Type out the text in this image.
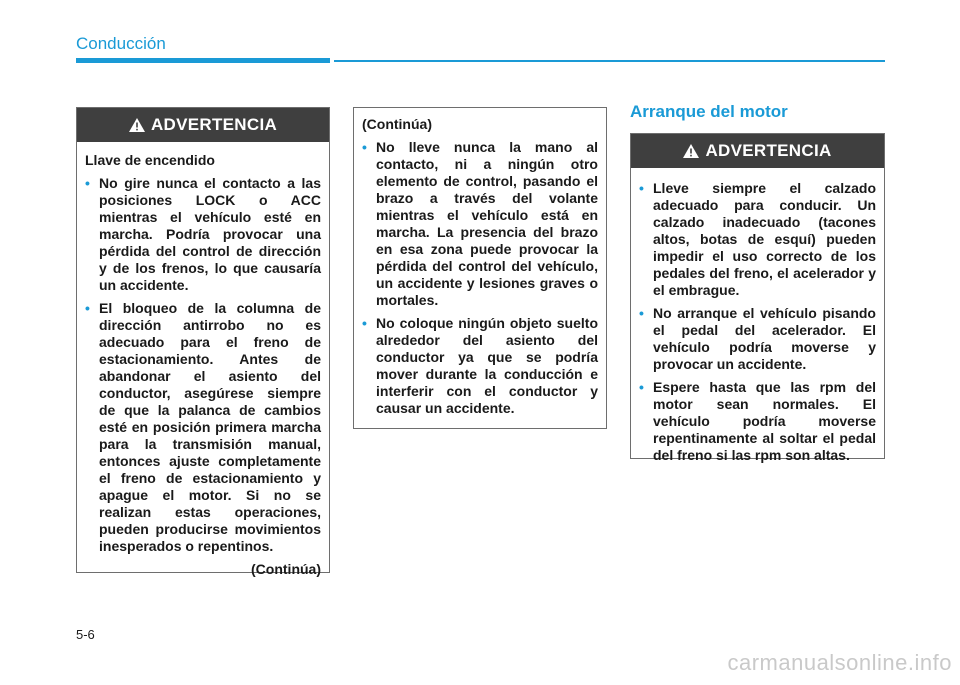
Conducción
ADVERTENCIA

Llave de encendido

• No gire nunca el contacto a las posiciones LOCK o ACC mientras el vehículo esté en marcha. Podría provocar una pérdida del control de dirección y de los frenos, lo que causaría un accidente.
• El bloqueo de la columna de dirección antirrobo no es adecuado para el freno de estacionamiento. Antes de abandonar el asiento del conductor, asegúrese siempre de que la palanca de cambios esté en posición primera marcha para la transmisión manual, entonces ajuste completamente el freno de estacionamiento y apague el motor. Si no se realizan estas operaciones, pueden producirse movimientos inesperados o repentinos.
(Continúa)

(Continúa)

• No lleve nunca la mano al contacto, ni a ningún otro elemento de control, pasando el brazo a través del volante mientras el vehículo está en marcha. La presencia del brazo en esa zona puede provocar la pérdida del control del vehículo, un accidente y lesiones graves o mortales.
• No coloque ningún objeto suelto alrededor del asiento del conductor ya que se podría mover durante la conducción e interferir con el conductor y causar un accidente.
Arranque del motor
ADVERTENCIA
• Lleve siempre el calzado adecuado para conducir. Un calzado inadecuado (tacones altos, botas de esquí) pueden impedir el uso correcto de los pedales del freno, el acelerador y el embrague.
• No arranque el vehículo pisando el pedal del acelerador. El vehículo podría moverse y provocar un accidente.
• Espere hasta que las rpm del motor sean normales. El vehículo podría moverse repentinamente al soltar el pedal del freno si las rpm son altas.

5-6

carmanualsonline.info
